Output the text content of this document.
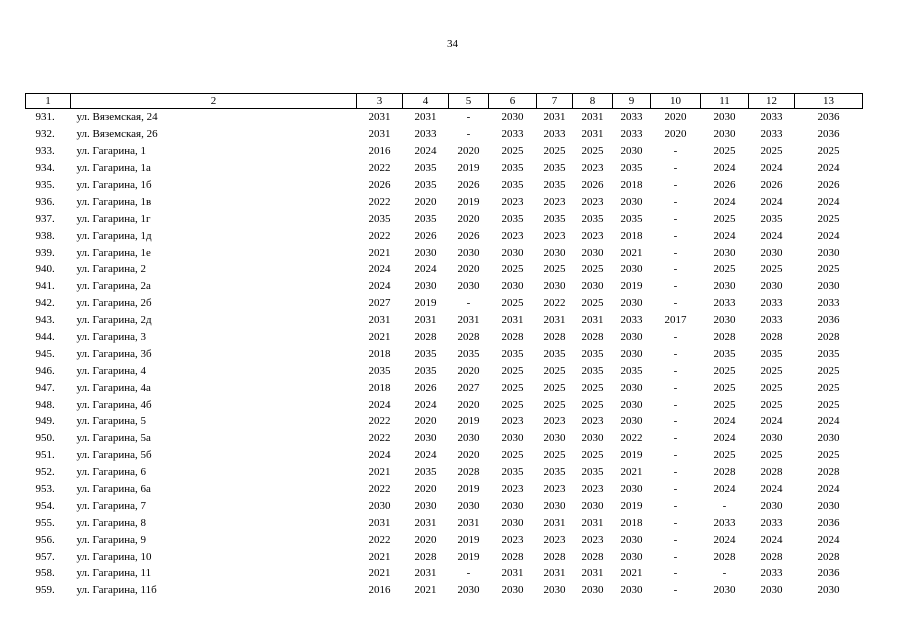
34
1	2	3	4	5	6	7	8	9	10	11	12	13
931.	ул. Вяземская, 24	2031	2031	-	2030	2031	2031	2033	2020	2030	2033	2036
932.	ул. Вяземская, 26	2031	2033	-	2033	2033	2031	2033	2020	2030	2033	2036
933.	ул. Гагарина, 1	2016	2024	2020	2025	2025	2025	2030	-	2025	2025	2025
934.	ул. Гагарина, 1а	2022	2035	2019	2035	2035	2023	2035	-	2024	2024	2024
935.	ул. Гагарина, 1б	2026	2035	2026	2035	2035	2026	2018	-	2026	2026	2026
936.	ул. Гагарина, 1в	2022	2020	2019	2023	2023	2023	2030	-	2024	2024	2024
937.	ул. Гагарина, 1г	2035	2035	2020	2035	2035	2035	2035	-	2025	2035	2025
938.	ул. Гагарина, 1д	2022	2026	2026	2023	2023	2023	2018	-	2024	2024	2024
939.	ул. Гагарина, 1е	2021	2030	2030	2030	2030	2030	2021	-	2030	2030	2030
940.	ул. Гагарина, 2	2024	2024	2020	2025	2025	2025	2030	-	2025	2025	2025
941.	ул. Гагарина, 2а	2024	2030	2030	2030	2030	2030	2019	-	2030	2030	2030
942.	ул. Гагарина, 2б	2027	2019	-	2025	2022	2025	2030	-	2033	2033	2033
943.	ул. Гагарина, 2д	2031	2031	2031	2031	2031	2031	2033	2017	2030	2033	2036
944.	ул. Гагарина, 3	2021	2028	2028	2028	2028	2028	2030	-	2028	2028	2028
945.	ул. Гагарина, 3б	2018	2035	2035	2035	2035	2035	2030	-	2035	2035	2035
946.	ул. Гагарина, 4	2035	2035	2020	2025	2025	2035	2035	-	2025	2025	2025
947.	ул. Гагарина, 4а	2018	2026	2027	2025	2025	2025	2030	-	2025	2025	2025
948.	ул. Гагарина, 4б	2024	2024	2020	2025	2025	2025	2030	-	2025	2025	2025
949.	ул. Гагарина, 5	2022	2020	2019	2023	2023	2023	2030	-	2024	2024	2024
950.	ул. Гагарина, 5а	2022	2030	2030	2030	2030	2030	2022	-	2024	2030	2030
951.	ул. Гагарина, 5б	2024	2024	2020	2025	2025	2025	2019	-	2025	2025	2025
952.	ул. Гагарина, 6	2021	2035	2028	2035	2035	2035	2021	-	2028	2028	2028
953.	ул. Гагарина, 6а	2022	2020	2019	2023	2023	2023	2030	-	2024	2024	2024
954.	ул. Гагарина, 7	2030	2030	2030	2030	2030	2030	2019	-	-	2030	2030
955.	ул. Гагарина, 8	2031	2031	2031	2030	2031	2031	2018	-	2033	2033	2036
956.	ул. Гагарина, 9	2022	2020	2019	2023	2023	2023	2030	-	2024	2024	2024
957.	ул. Гагарина, 10	2021	2028	2019	2028	2028	2028	2030	-	2028	2028	2028
958.	ул. Гагарина, 11	2021	2031	-	2031	2031	2031	2021	-	-	2033	2036
959.	ул. Гагарина, 11б	2016	2021	2030	2030	2030	2030	2030	-	2030	2030	2030
